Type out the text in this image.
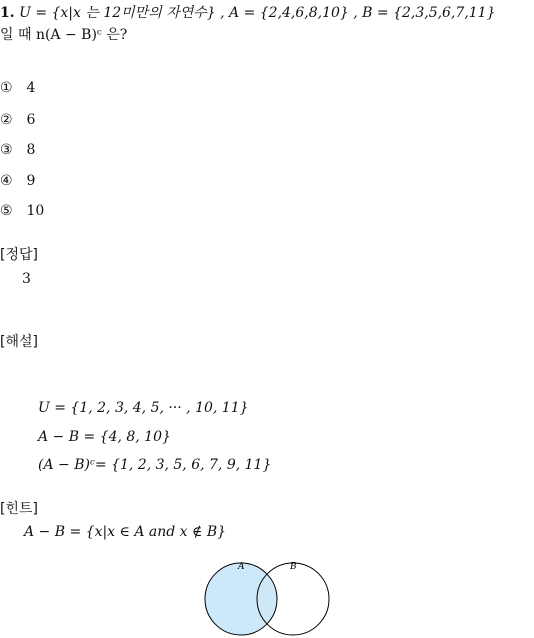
1. U = {x|x 는 12미만의 자연수} , A = {2,4,6,8,10} , B = {2,3,5,6,7,11}
일 때 n(A − B)ᶜ 은?
① 4
② 6
③ 8
④ 9
⑤ 10
[정답]
3
[해설]
U = {1, 2, 3, 4, 5, ··· , 10, 11}
A − B = {4, 8, 10}
(A − B)ᶜ= {1, 2, 3, 5, 6, 7, 9, 11}
[힌트]
A − B = {x|x ∈ A and x ∉ B}
A	B
